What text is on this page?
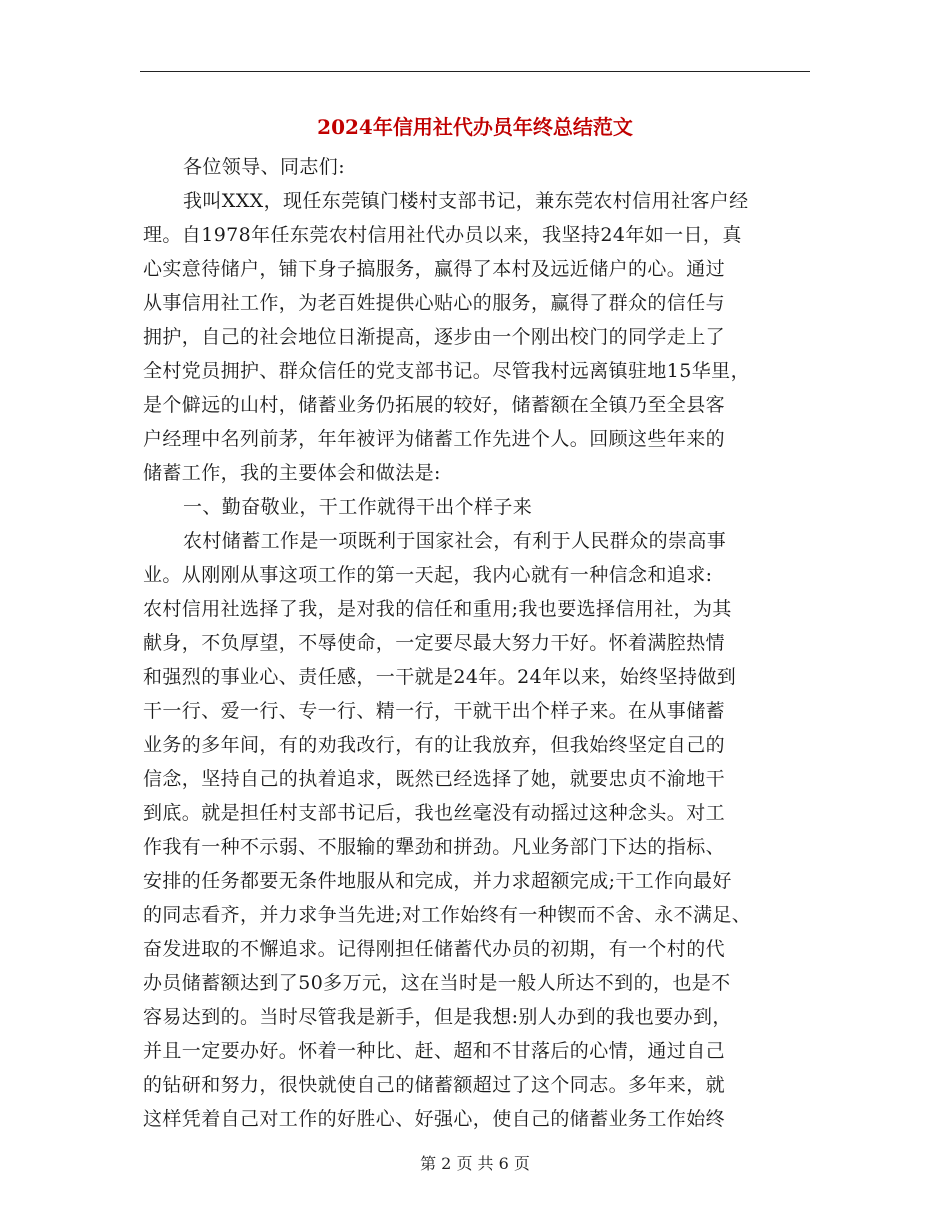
2024年信用社代办员年终总结范文
各位领导、同志们:
我叫XXX，现任东莞镇门楼村支部书记，兼东莞农村信用社客户经
理。自1978年任东莞农村信用社代办员以来，我坚持24年如一日，真
心实意待储户，铺下身子搞服务，赢得了本村及远近储户的心。通过
从事信用社工作，为老百姓提供心贴心的服务，赢得了群众的信任与
拥护，自己的社会地位日渐提高，逐步由一个刚出校门的同学走上了
全村党员拥护、群众信任的党支部书记。尽管我村远离镇驻地15华里，
是个僻远的山村，储蓄业务仍拓展的较好，储蓄额在全镇乃至全县客
户经理中名列前茅，年年被评为储蓄工作先进个人。回顾这些年来的
储蓄工作，我的主要体会和做法是:
一、勤奋敬业，干工作就得干出个样子来
农村储蓄工作是一项既利于国家社会，有利于人民群众的崇高事
业。从刚刚从事这项工作的第一天起，我内心就有一种信念和追求:
农村信用社选择了我，是对我的信任和重用;我也要选择信用社，为其
献身，不负厚望，不辱使命，一定要尽最大努力干好。怀着满腔热情
和强烈的事业心、责任感，一干就是24年。24年以来，始终坚持做到
干一行、爱一行、专一行、精一行，干就干出个样子来。在从事储蓄
业务的多年间，有的劝我改行，有的让我放弃，但我始终坚定自己的
信念，坚持自己的执着追求，既然已经选择了她，就要忠贞不渝地干
到底。就是担任村支部书记后，我也丝毫没有动摇过这种念头。对工
作我有一种不示弱、不服输的犟劲和拼劲。凡业务部门下达的指标、
安排的任务都要无条件地服从和完成，并力求超额完成;干工作向最好
的同志看齐，并力求争当先进;对工作始终有一种锲而不舍、永不满足、
奋发进取的不懈追求。记得刚担任储蓄代办员的初期，有一个村的代
办员储蓄额达到了50多万元，这在当时是一般人所达不到的，也是不
容易达到的。当时尽管我是新手，但是我想:别人办到的我也要办到，
并且一定要办好。怀着一种比、赶、超和不甘落后的心情，通过自己
的钻研和努力，很快就使自己的储蓄额超过了这个同志。多年来，就
这样凭着自己对工作的好胜心、好强心，使自己的储蓄业务工作始终
第 2 页 共 6 页
